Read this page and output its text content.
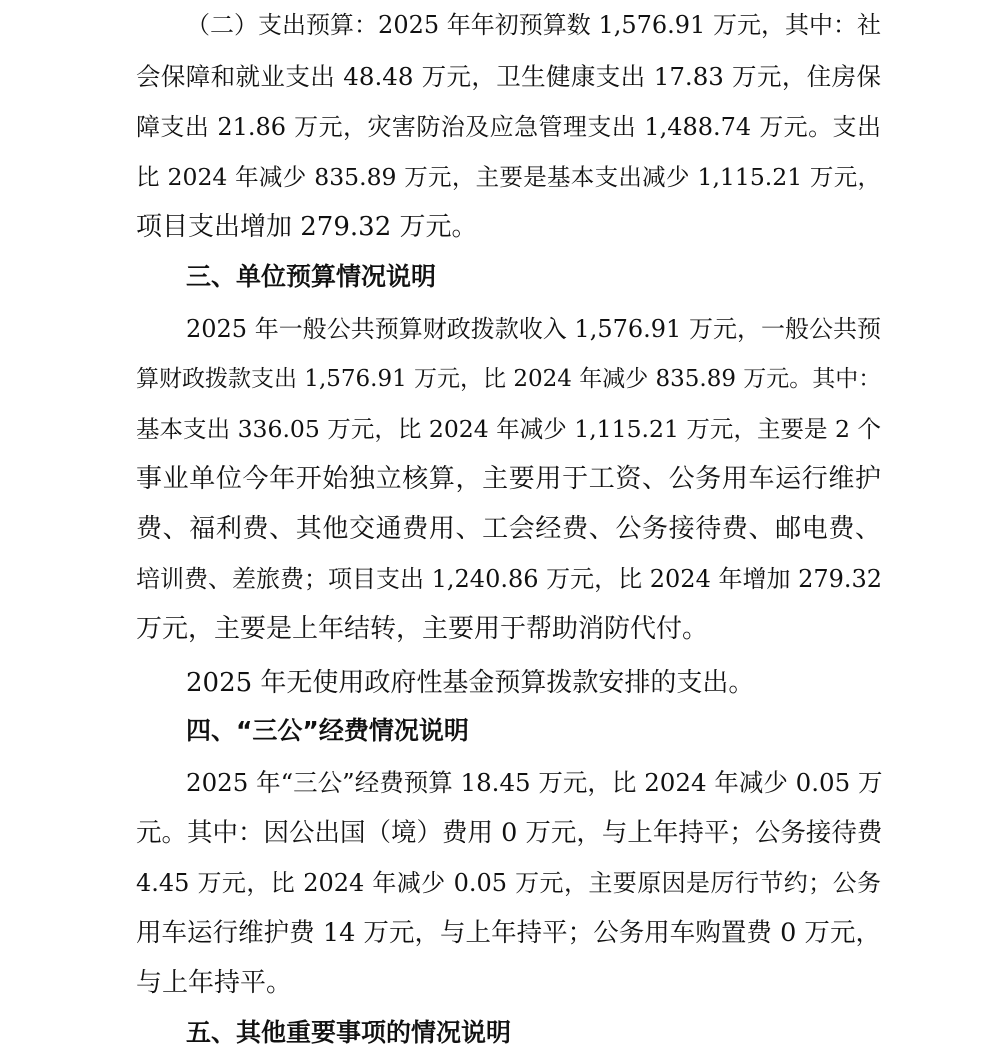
（二）支出预算：2025 年年初预算数 1,576.91 万元，其中：社
会保障和就业支出 48.48 万元，卫生健康支出 17.83 万元，住房保
障支出 21.86 万元，灾害防治及应急管理支出 1,488.74 万元。支出
比 2024 年减少 835.89 万元，主要是基本支出减少 1,115.21 万元，
项目支出增加 279.32 万元。
三、单位预算情况说明
2025 年一般公共预算财政拨款收入 1,576.91 万元，一般公共预
算财政拨款支出 1,576.91 万元，比 2024 年减少 835.89 万元。其中：
基本支出 336.05 万元，比 2024 年减少 1,115.21 万元，主要是 2 个
事业单位今年开始独立核算，主要用于工资、公务用车运行维护
费、福利费、其他交通费用、工会经费、公务接待费、邮电费、
培训费、差旅费；项目支出 1,240.86 万元，比 2024 年增加 279.32
万元，主要是上年结转，主要用于帮助消防代付。
2025 年无使用政府性基金预算拨款安排的支出。
四、“三公”经费情况说明
2025 年“三公”经费预算 18.45 万元，比 2024 年减少 0.05 万
元。其中：因公出国（境）费用 0 万元，与上年持平；公务接待费
4.45 万元，比 2024 年减少 0.05 万元，主要原因是厉行节约；公务
用车运行维护费 14 万元，与上年持平；公务用车购置费 0 万元，
与上年持平。
五、其他重要事项的情况说明
